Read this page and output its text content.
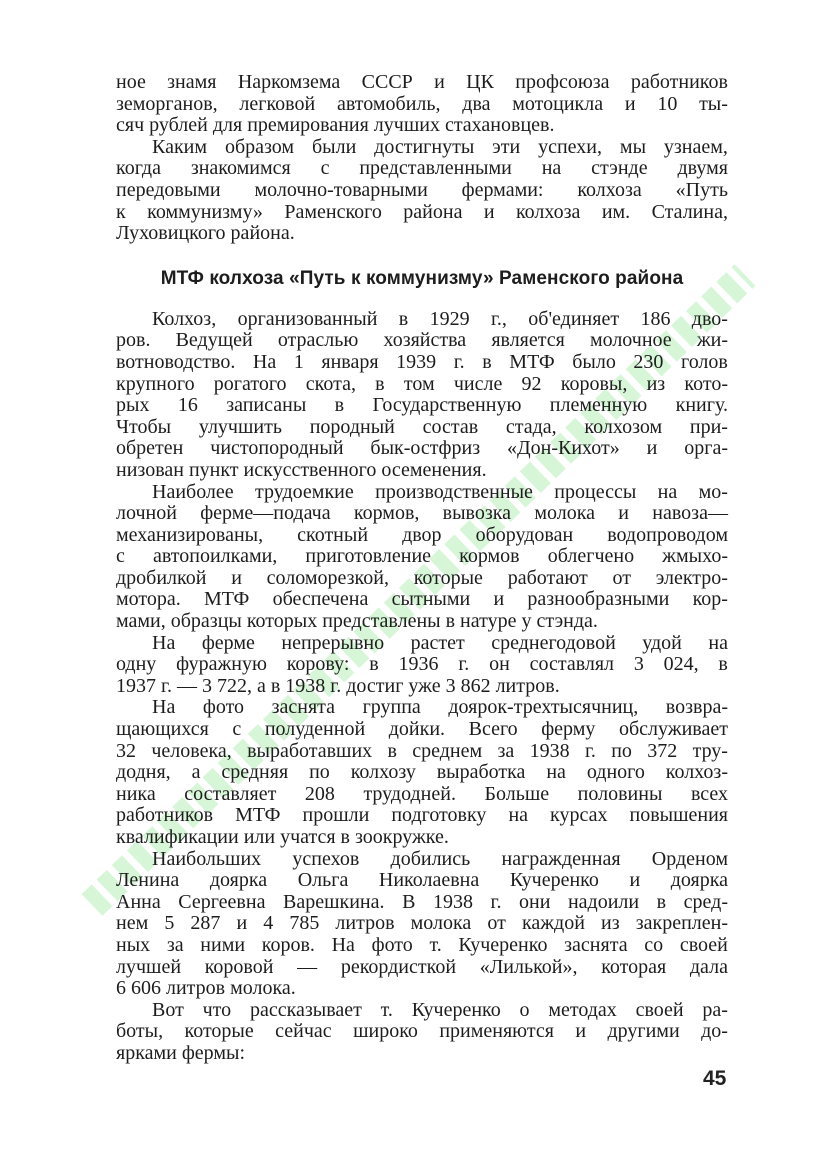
ное знамя Наркомзема СССР и ЦК профсоюза работников
земорганов, легковой автомобиль, два мотоцикла и 10 ты-
сяч рублей для премирования лучших стахановцев.
Каким образом были достигнуты эти успехи, мы узнаем,
когда знакомимся с представленными на стэнде двумя
передовыми молочно-товарными фермами: колхоза «Путь
к коммунизму» Раменского района и колхоза им. Сталина,
Луховицкого района.
МТФ колхоза «Путь к коммунизму» Раменского района
Колхоз, организованный в 1929 г., об'единяет 186 дво-
ров. Ведущей отраслью хозяйства является молочное жи-
вотноводство. На 1 января 1939 г. в МТФ было 230 голов
крупного рогатого скота, в том числе 92 коровы, из кото-
рых 16 записаны в Государственную племенную книгу.
Чтобы улучшить породный состав стада, колхозом при-
обретен чистопородный бык-остфриз «Дон-Кихот» и орга-
низован пункт искусственного осеменения.
Наиболее трудоемкие производственные процессы на мо-
лочной ферме—подача кормов, вывозка молока и навоза—
механизированы, скотный двор оборудован водопроводом
с автопоилками, приготовление кормов облегчено жмыхо-
дробилкой и соломорезкой, которые работают от электро-
мотора. МТФ обеспечена сытными и разнообразными кор-
мами, образцы которых представлены в натуре у стэнда.
На ферме непрерывно растет среднегодовой удой на
одну фуражную корову: в 1936 г. он составлял 3 024, в
1937 г. — 3 722, а в 1938 г. достиг уже 3 862 литров.
На фото заснята группа доярок-трехтысячниц, возвра-
щающихся с полуденной дойки. Всего ферму обслуживает
32 человека, выработавших в среднем за 1938 г. по 372 тру-
додня, а средняя по колхозу выработка на одного колхоз-
ника составляет 208 трудодней. Больше половины всех
работников МТФ прошли подготовку на курсах повышения
квалификации или учатся в зоокружке.
Наибольших успехов добились награжденная Орденом
Ленина доярка Ольга Николаевна Кучеренко и доярка
Анна Сергеевна Варешкина. В 1938 г. они надоили в сред-
нем 5 287 и 4 785 литров молока от каждой из закреплен-
ных за ними коров. На фото т. Кучеренко заснята со своей
лучшей коровой — рекордисткой «Лилькой», которая дала
6 606 литров молока.
Вот что рассказывает т. Кучеренко о методах своей ра-
боты, которые сейчас широко применяются и другими до-
ярками фермы:
45
